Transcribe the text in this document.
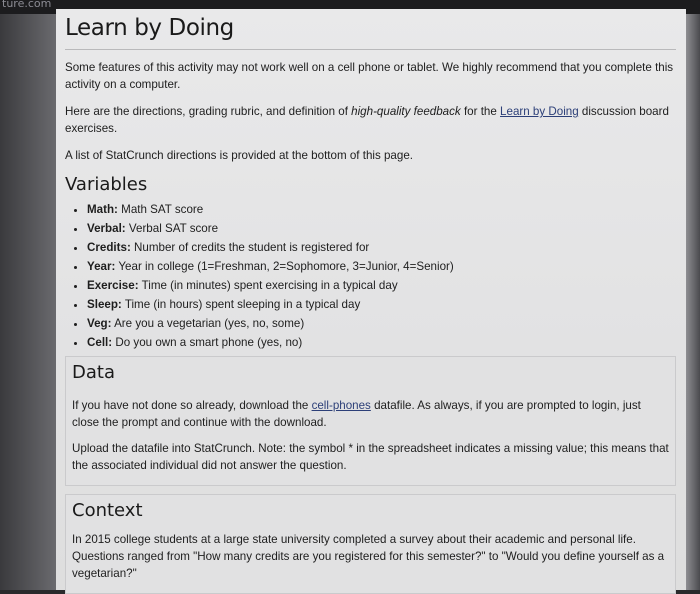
ture.com
Learn by Doing

Some features of this activity may not work well on a cell phone or tablet. We highly recommend that you complete this activity on a computer.

Here are the directions, grading rubric, and definition of high-quality feedback for the Learn by Doing discussion board exercises.

A list of StatCrunch directions is provided at the bottom of this page.

Variables
• Math: Math SAT score
• Verbal: Verbal SAT score
• Credits: Number of credits the student is registered for
• Year: Year in college (1=Freshman, 2=Sophomore, 3=Junior, 4=Senior)
• Exercise: Time (in minutes) spent exercising in a typical day
• Sleep: Time (in hours) spent sleeping in a typical day
• Veg: Are you a vegetarian (yes, no, some)
• Cell: Do you own a smart phone (yes, no)
Data

If you have not done so already, download the cell-phones datafile. As always, if you are prompted to login, just close the prompt and continue with the download.

Upload the datafile into StatCrunch. Note: the symbol * in the spreadsheet indicates a missing value; this means that the associated individual did not answer the question.

Context

In 2015 college students at a large state university completed a survey about their academic and personal life. Questions ranged from "How many credits are you registered for this semester?" to "Would you define yourself as a vegetarian?"
